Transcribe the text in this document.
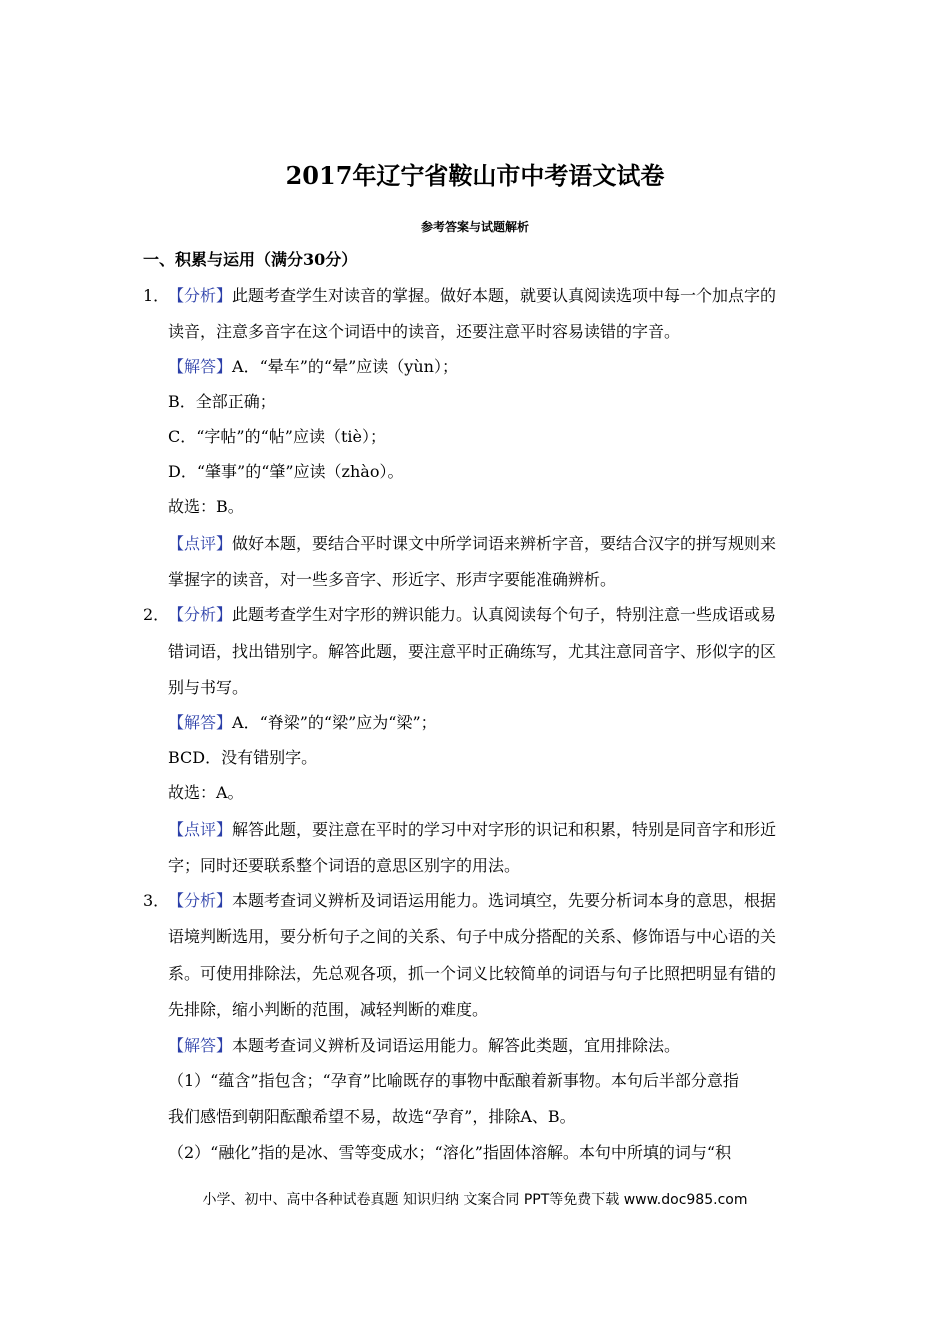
2017年辽宁省鞍山市中考语文试卷
参考答案与试题解析
一、积累与运用（满分30分）
1．
【分析】此题考查学生对读音的掌握。做好本题，就要认真阅读选项中每一个加点字的
读音，注意多音字在这个词语中的读音，还要注意平时容易读错的字音。
【解答】A．“晕车”的“晕”应读（yùn）；
B．全部正确；
C．“字帖”的“帖”应读（tiè）；
D．“肇事”的“肇”应读（zhào）。
故选：B。
【点评】做好本题，要结合平时课文中所学词语来辨析字音，要结合汉字的拼写规则来
掌握字的读音，对一些多音字、形近字、形声字要能准确辨析。
2．
【分析】此题考查学生对字形的辨识能力。认真阅读每个句子，特别注意一些成语或易
错词语，找出错别字。解答此题，要注意平时正确练写，尤其注意同音字、形似字的区
别与书写。
【解答】A．“脊梁”的“梁”应为“梁”；
BCD．没有错别字。
故选：A。
【点评】解答此题，要注意在平时的学习中对字形的识记和积累，特别是同音字和形近
字；同时还要联系整个词语的意思区别字的用法。
3．
【分析】本题考查词义辨析及词语运用能力。选词填空，先要分析词本身的意思，根据
语境判断选用，要分析句子之间的关系、句子中成分搭配的关系、修饰语与中心语的关
系。可使用排除法，先总观各项，抓一个词义比较简单的词语与句子比照把明显有错的
先排除，缩小判断的范围，减轻判断的难度。
【解答】本题考查词义辨析及词语运用能力。解答此类题，宜用排除法。
（1）“蕴含”指包含；“孕育”比喻既存的事物中酝酿着新事物。本句后半部分意指
我们感悟到朝阳酝酿希望不易，故选“孕育”，排除A、B。
（2）“融化”指的是冰、雪等变成水；“溶化”指固体溶解。本句中所填的词与“积
小学、初中、高中各种试卷真题 知识归纳 文案合同 PPT等免费下载 www.doc985.com
